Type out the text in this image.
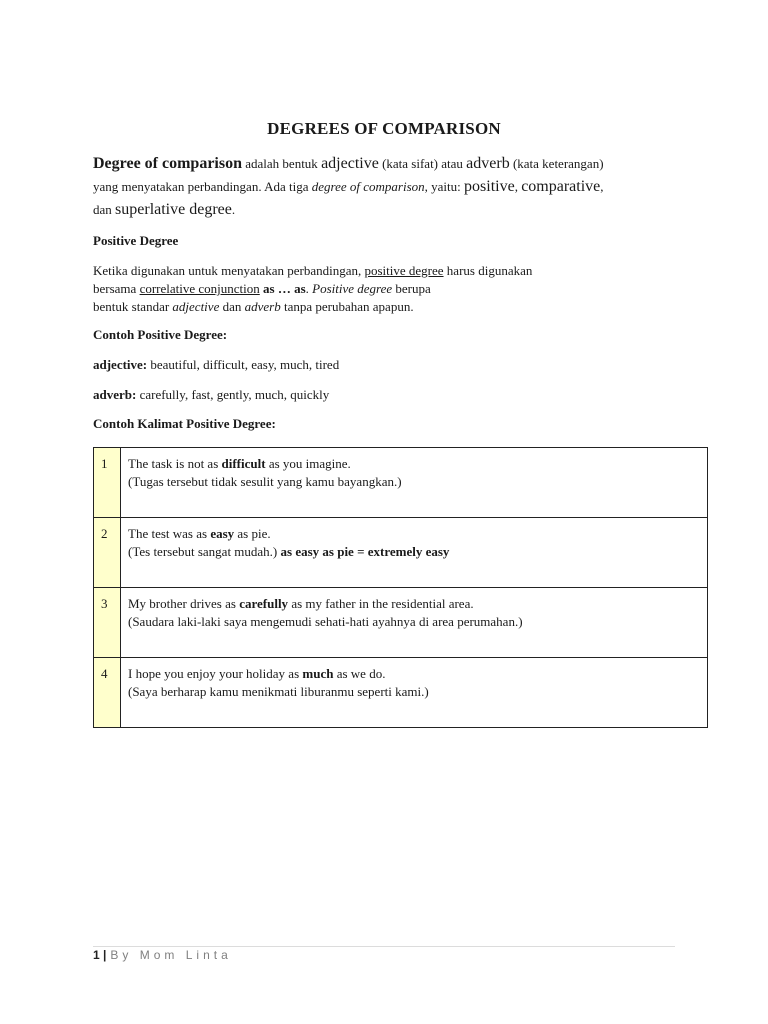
DEGREES OF COMPARISON
Degree of comparison adalah bentuk adjective (kata sifat) atau adverb (kata keterangan)
yang menyatakan perbandingan. Ada tiga degree of comparison, yaitu: positive, comparative,
dan superlative degree.
Positive Degree
Ketika digunakan untuk menyatakan perbandingan, positive degree harus digunakan
bersama correlative conjunction as … as. Positive degree berupa
bentuk standar adjective dan adverb tanpa perubahan apapun.
Contoh Positive Degree:
adjective: beautiful, difficult, easy, much, tired
adverb: carefully, fast, gently, much, quickly
Contoh Kalimat Positive Degree:
1	The task is not as difficult as you imagine.
(Tugas tersebut tidak sesulit yang kamu bayangkan.)
2	The test was as easy as pie.
(Tes tersebut sangat mudah.) as easy as pie = extremely easy
3	My brother drives as carefully as my father in the residential area.
(Saudara laki-laki saya mengemudi sehati-hati ayahnya di area perumahan.)
4	I hope you enjoy your holiday as much as we do.
(Saya berharap kamu menikmati liburanmu seperti kami.)
1 | By Mom Linta
